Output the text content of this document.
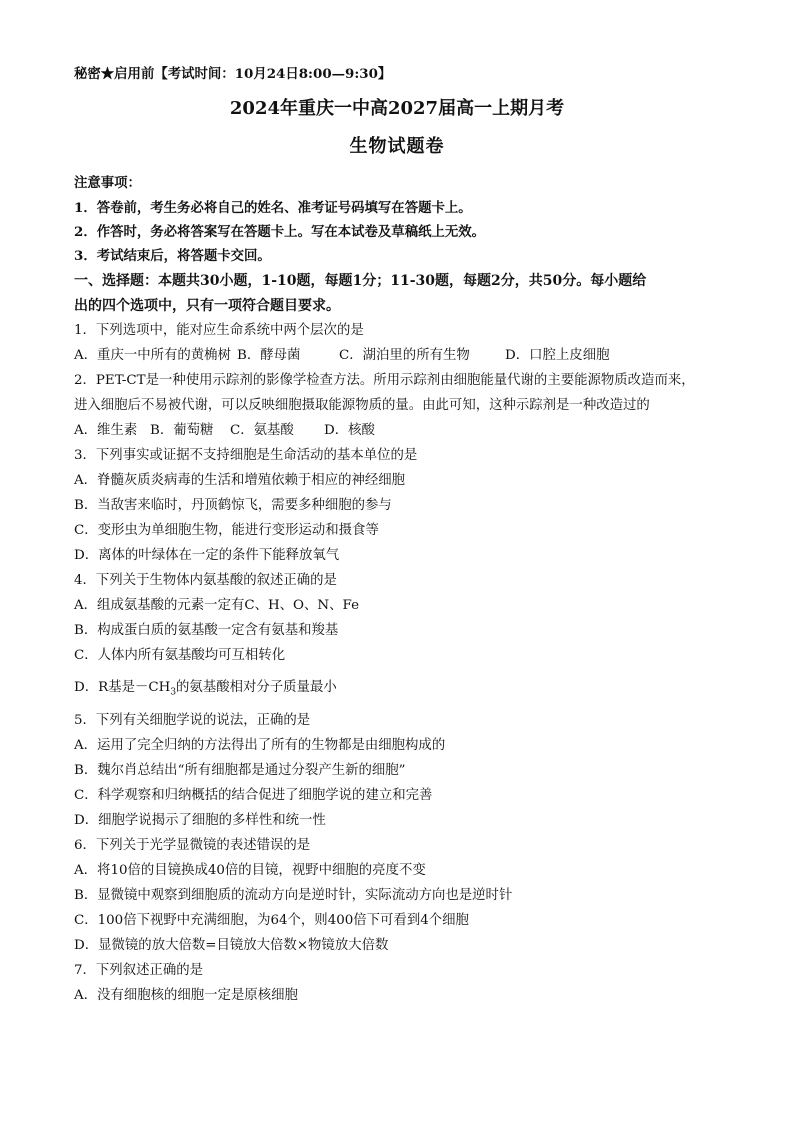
秘密★启用前【考试时间：10月24日8:00—9:30】
2024年重庆一中高2027届高一上期月考
生物试题卷
注意事项：
1．答卷前，考生务必将自己的姓名、准考证号码填写在答题卡上。
2．作答时，务必将答案写在答题卡上。写在本试卷及草稿纸上无效。
3．考试结束后，将答题卡交回。
一、选择题：本题共30小题，1-10题，每题1分；11-30题，每题2分，共50分。每小题给
出的四个选项中，只有一项符合题目要求。
1．下列选项中，能对应生命系统中两个层次的是
A．重庆一中所有的黄桷树 B．酵母菌	C．湖泊里的所有生物	D．口腔上皮细胞
2．PET-CT是一种使用示踪剂的影像学检查方法。所用示踪剂由细胞能量代谢的主要能源物质改造而来，
进入细胞后不易被代谢，可以反映细胞摄取能源物质的量。由此可知，这种示踪剂是一种改造过的
A．维生素 B．葡萄糖 C．氨基酸 D．核酸
3．下列事实或证据不支持细胞是生命活动的基本单位的是
A．脊髓灰质炎病毒的生活和增殖依赖于相应的神经细胞
B．当敌害来临时，丹顶鹤惊飞，需要多种细胞的参与
C．变形虫为单细胞生物，能进行变形运动和摄食等
D．离体的叶绿体在一定的条件下能释放氧气
4．下列关于生物体内氨基酸的叙述正确的是
A．组成氨基酸的元素一定有C、H、O、N、Fe
B．构成蛋白质的氨基酸一定含有氨基和羧基
C．人体内所有氨基酸均可互相转化
D．R基是$-CH_3$的氨基酸相对分子质量最小
5．下列有关细胞学说的说法，正确的是
A．运用了完全归纳的方法得出了所有的生物都是由细胞构成的
B．魏尔肖总结出“所有细胞都是通过分裂产生新的细胞”
C．科学观察和归纳概括的结合促进了细胞学说的建立和完善
D．细胞学说揭示了细胞的多样性和统一性
6．下列关于光学显微镜的表述错误的是
A．将10倍的目镜换成40倍的目镜，视野中细胞的亮度不变
B．显微镜中观察到细胞质的流动方向是逆时针，实际流动方向也是逆时针
C．100倍下视野中充满细胞，为64个，则400倍下可看到4个细胞
D．显微镜的放大倍数=目镜放大倍数×物镜放大倍数
7．下列叙述正确的是
A．没有细胞核的细胞一定是原核细胞
